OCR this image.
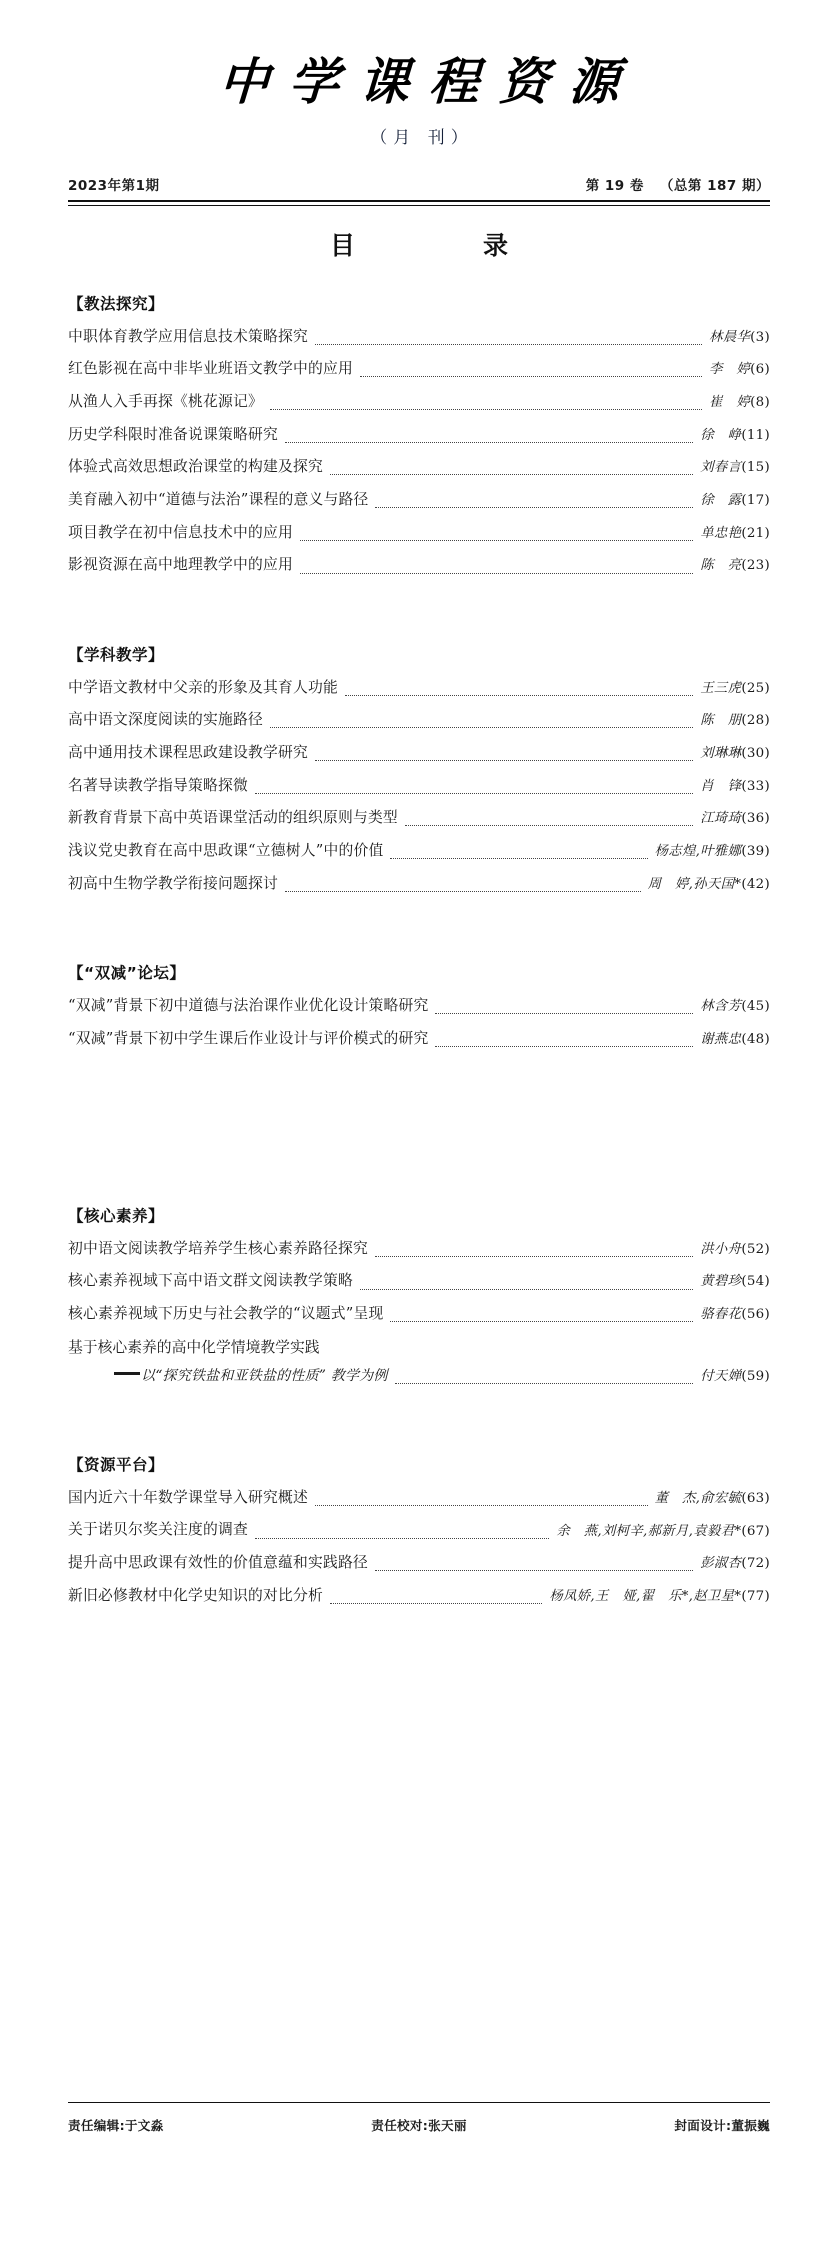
中学课程资源
（月 刊）
2023年第1期	第 19 卷 （总第 187 期）
目　　录
【教法探究】
中职体育教学应用信息技术策略探究	林晨华(3)
红色影视在高中非毕业班语文教学中的应用	李　婷(6)
从渔人入手再探《桃花源记》	崔　婷(8)
历史学科限时准备说课策略研究	徐　峥(11)
体验式高效思想政治课堂的构建及探究	刘春言(15)
美育融入初中“道德与法治”课程的意义与路径	徐　露(17)
项目教学在初中信息技术中的应用	单忠艳(21)
影视资源在高中地理教学中的应用	陈　亮(23)
【学科教学】
中学语文教材中父亲的形象及其育人功能	王三虎(25)
高中语文深度阅读的实施路径	陈　朋(28)
高中通用技术课程思政建设教学研究	刘琳琳(30)
名著导读教学指导策略探微	肖　锋(33)
新教育背景下高中英语课堂活动的组织原则与类型	江琦琦(36)
浅议党史教育在高中思政课“立德树人”中的价值	杨志煌,叶雅娜(39)
初高中生物学教学衔接问题探讨	周　婷,孙天国*(42)
【“双减”论坛】
“双减”背景下初中道德与法治课作业优化设计策略研究	林含芳(45)
“双减”背景下初中学生课后作业设计与评价模式的研究	谢燕忠(48)
【核心素养】
初中语文阅读教学培养学生核心素养路径探究	洪小舟(52)
核心素养视域下高中语文群文阅读教学策略	黄碧珍(54)
核心素养视域下历史与社会教学的“议题式”呈现	骆春花(56)
基于核心素养的高中化学情境教学实践
以“探究铁盐和亚铁盐的性质” 教学为例	付天婵(59)
【资源平台】
国内近六十年数学课堂导入研究概述	董　杰,俞宏毓(63)
关于诺贝尔奖关注度的调查	余　燕,刘柯辛,郝新月,袁毅君*(67)
提升高中思政课有效性的价值意蕴和实践路径	彭淑杏(72)
新旧必修教材中化学史知识的对比分析	杨凤娇,王　娅,翟　乐*,赵卫星*(77)
责任编辑:于文淼	责任校对:张天丽	封面设计:董振巍
